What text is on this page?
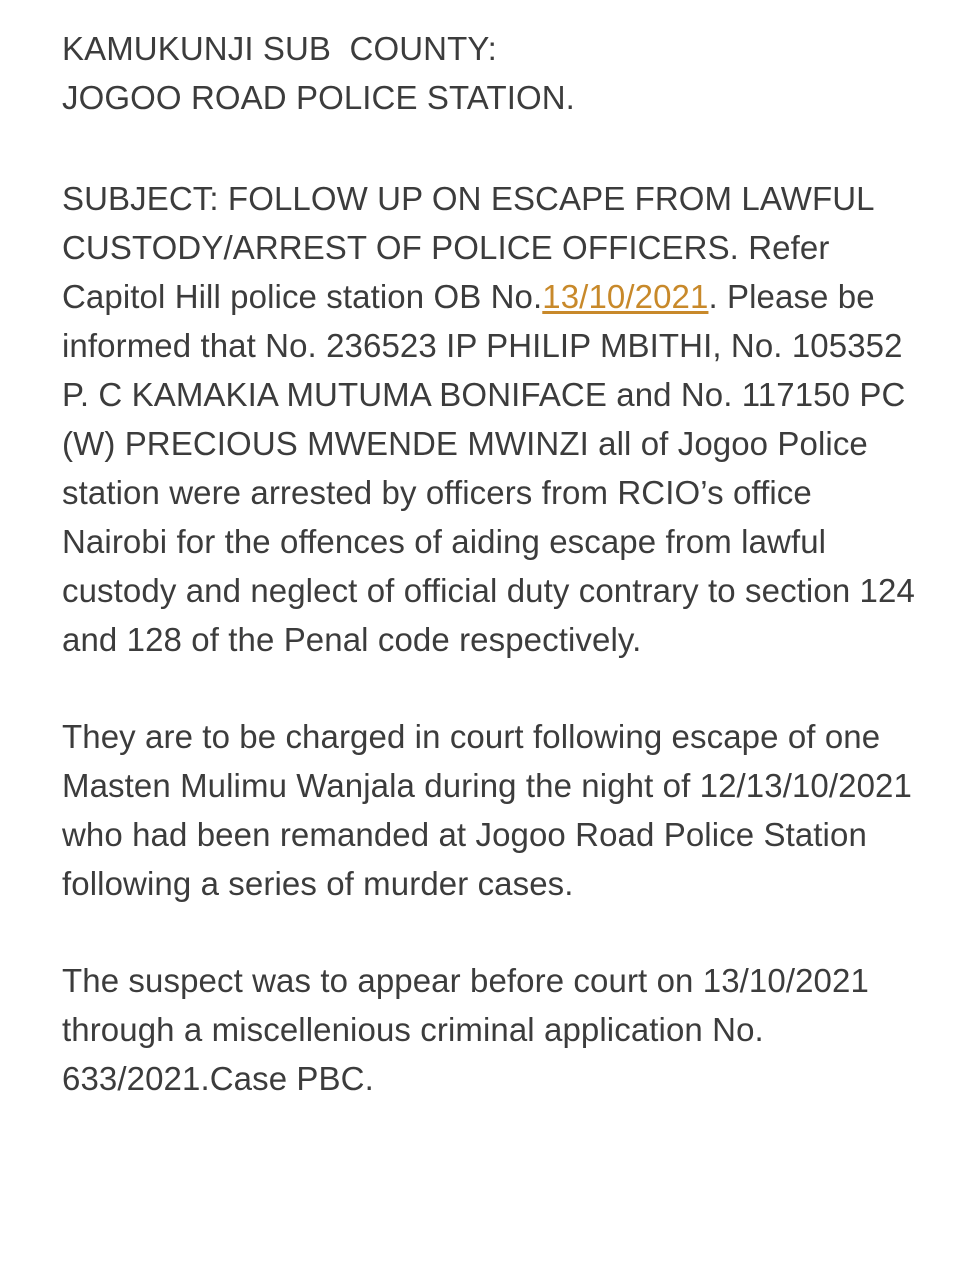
KAMUKUNJI SUB  COUNTY:
JOGOO ROAD POLICE STATION.

SUBJECT: FOLLOW UP ON ESCAPE FROM LAWFUL CUSTODY/ARREST OF POLICE OFFICERS. Refer Capitol Hill police station OB No.13/10/2021. Please be informed that No. 236523 IP PHILIP MBITHI, No. 105352 P. C KAMAKIA MUTUMA BONIFACE and No. 117150 PC (W) PRECIOUS MWENDE MWINZI all of Jogoo Police station were arrested by officers from RCIO’s office Nairobi for the offences of aiding escape from lawful custody and neglect of official duty contrary to section 124 and 128 of the Penal code respectively.

They are to be charged in court following escape of one Masten Mulimu Wanjala during the night of 12/13/10/2021 who had been remanded at Jogoo Road Police Station following a series of murder cases.

The suspect was to appear before court on 13/10/2021 through a miscellenious criminal application No. 633/2021.Case PBC.
